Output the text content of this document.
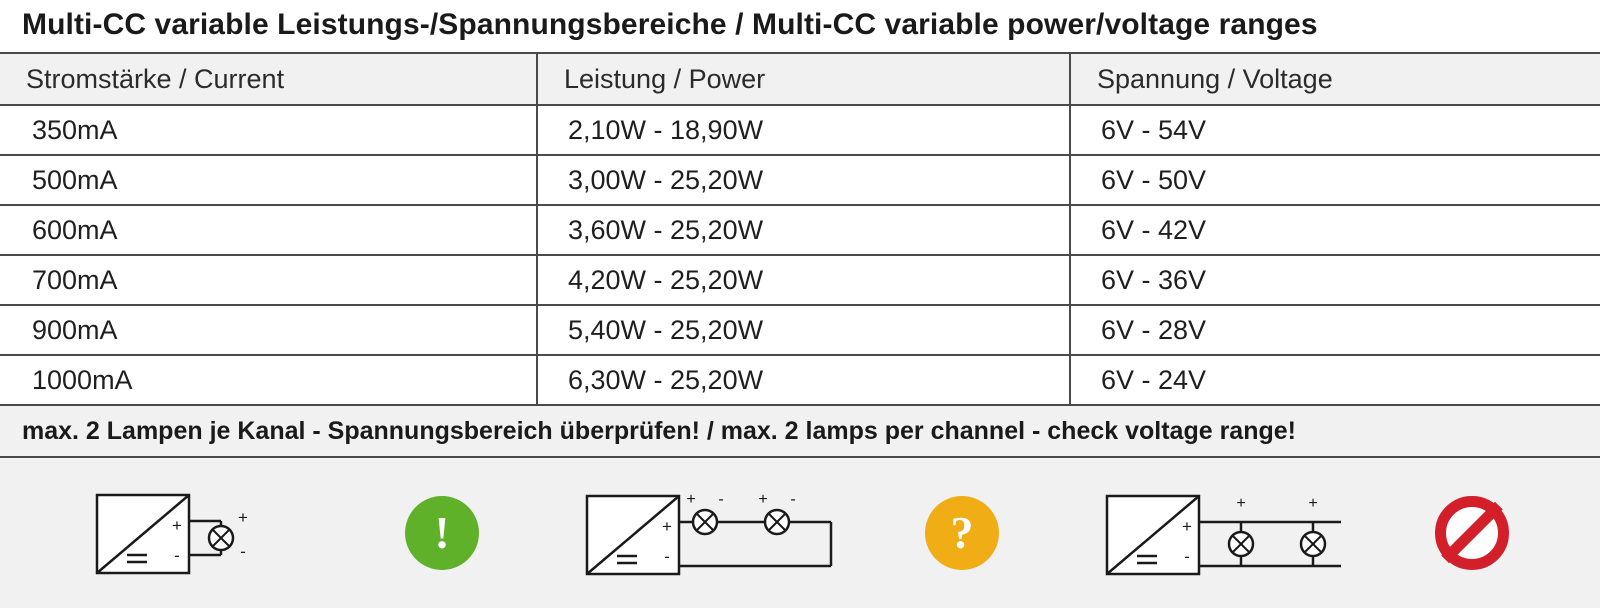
Multi-CC variable Leistungs-/Spannungsbereiche / Multi-CC variable power/voltage ranges
Stromstärke / Current	Leistung / Power	Spannung / Voltage
350mA	2,10W - 18,90W	6V - 54V
500mA	3,00W - 25,20W	6V - 50V
600mA	3,60W - 25,20W	6V - 42V
700mA	4,20W - 25,20W	6V - 36V
900mA	5,40W - 25,20W	6V - 28V
1000mA	6,30W - 25,20W	6V - 24V
max. 2 Lampen je Kanal - Spannungsbereich überprüfen! / max. 2 lamps per channel - check voltage range!
+
-
+
-	!	+
-
+ - + -
?	+
-
+	+
